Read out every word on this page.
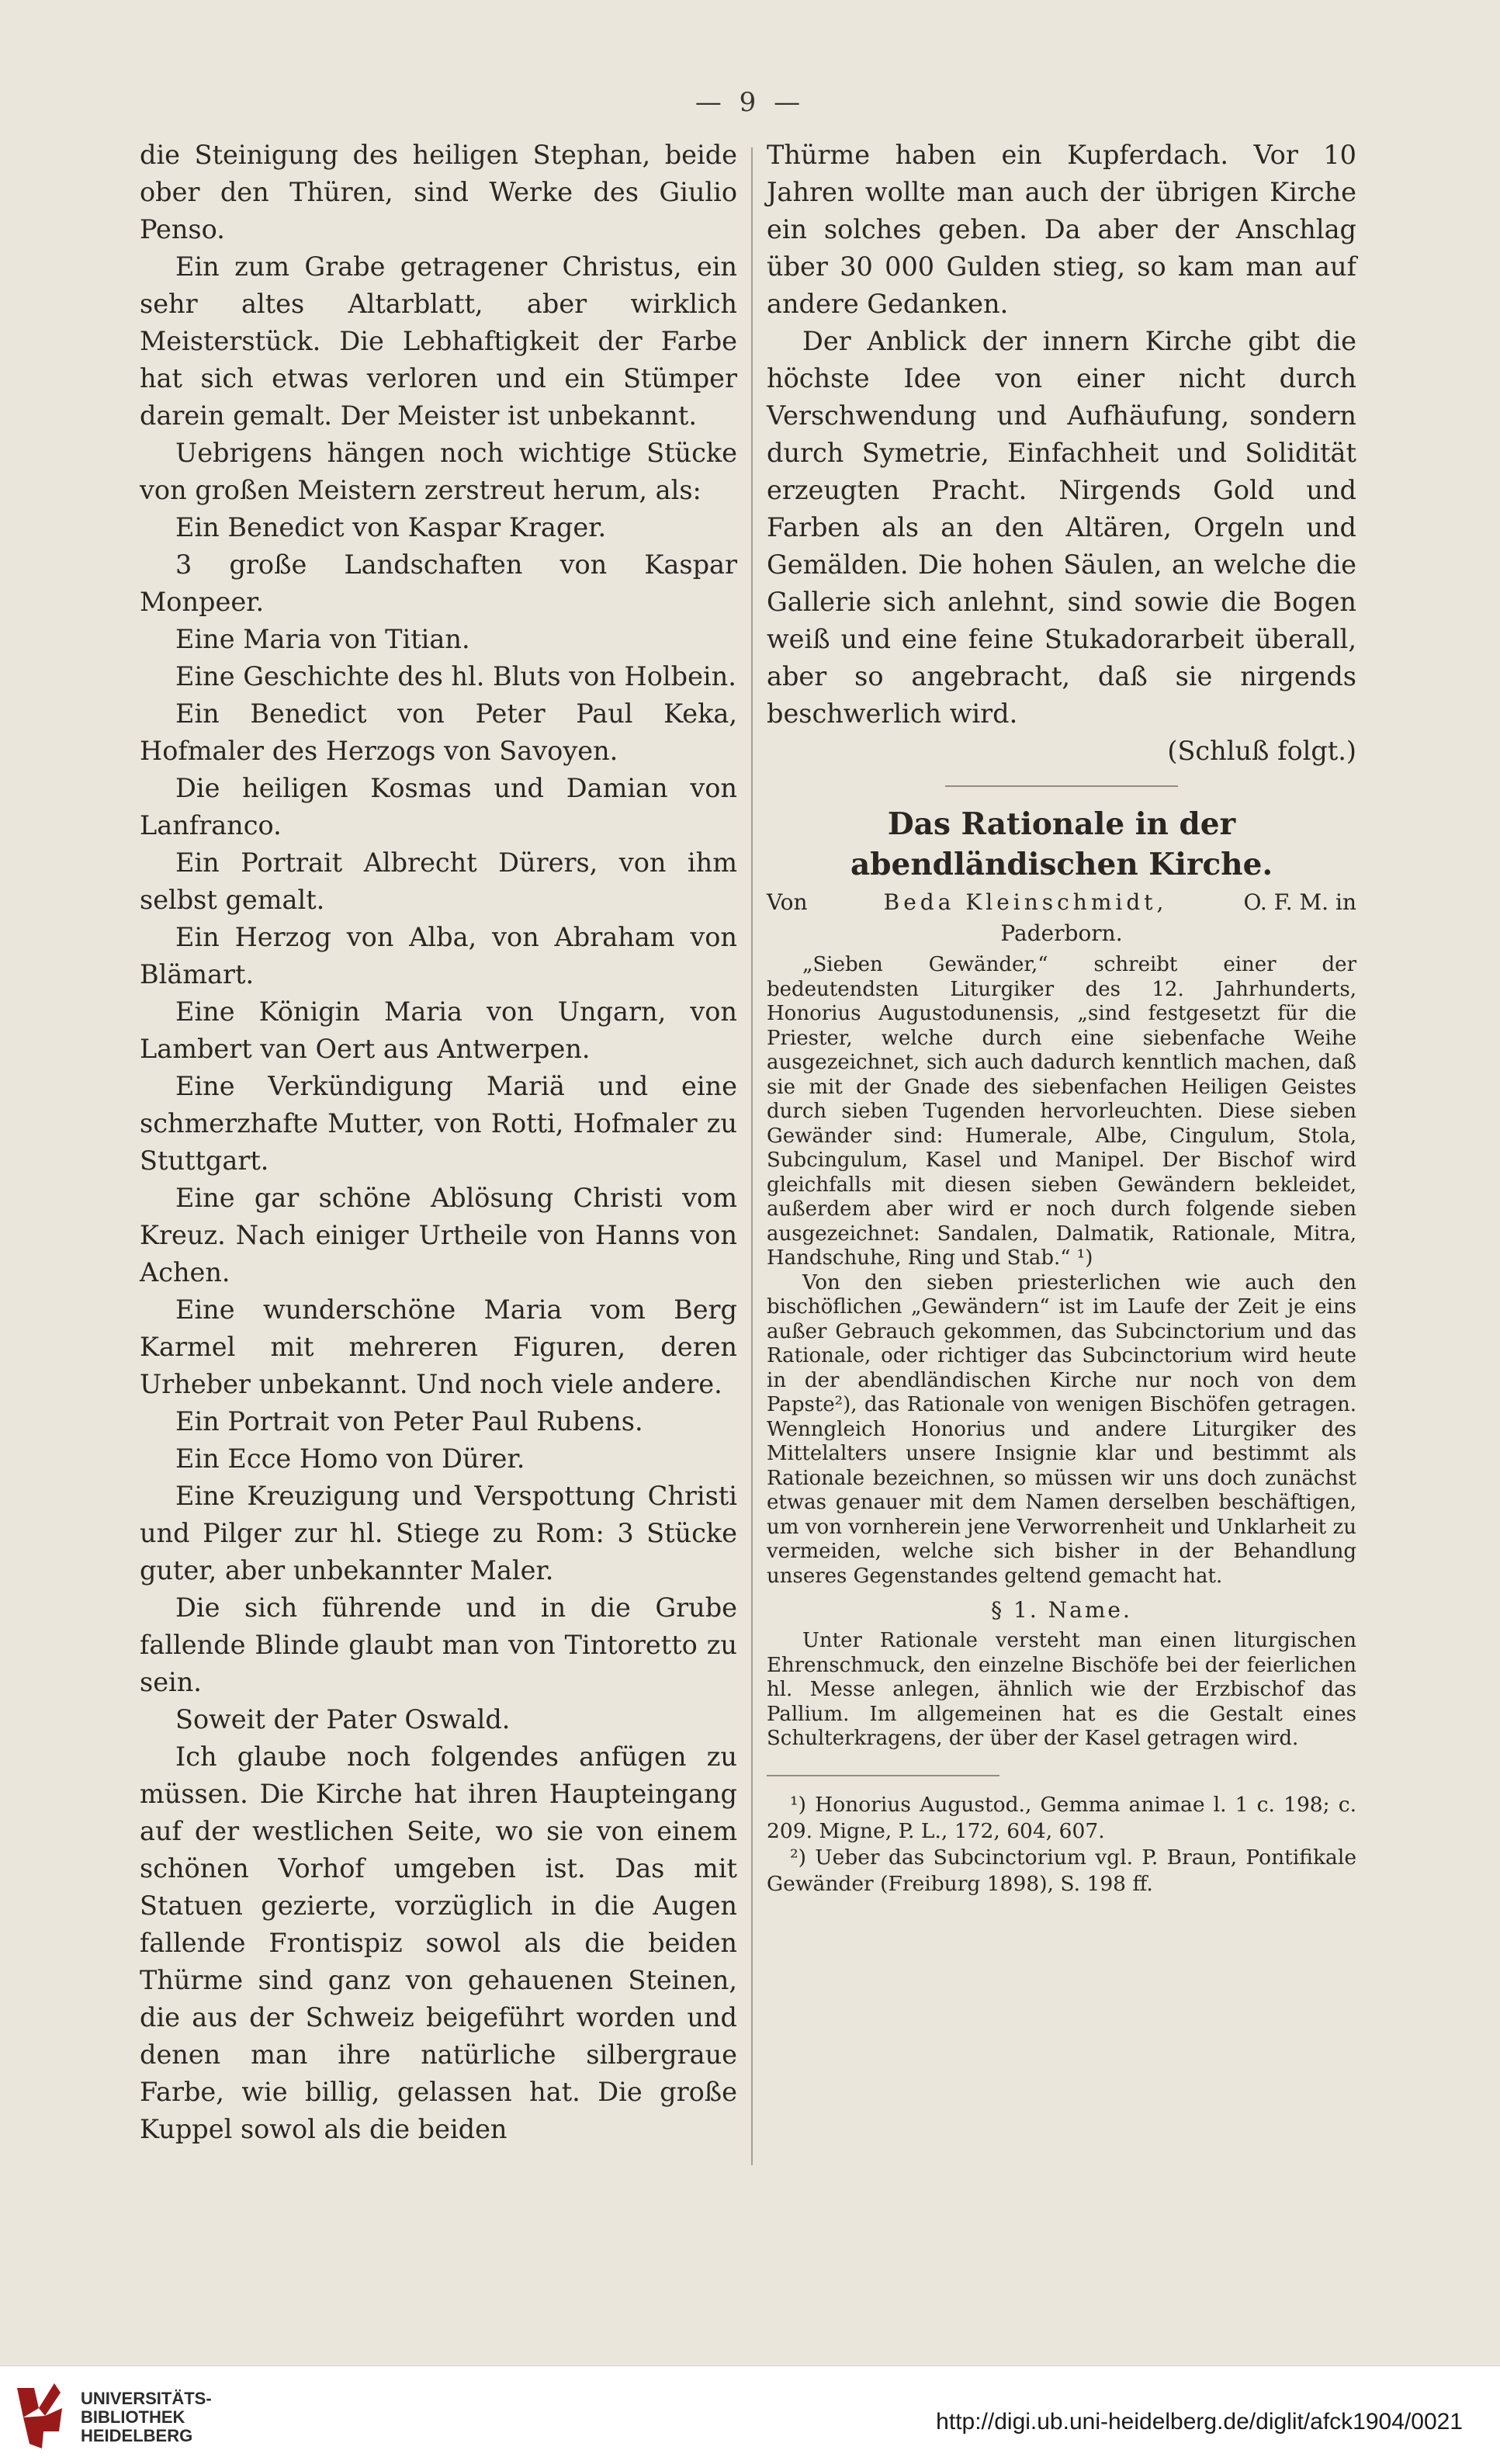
— 9 —

die Steinigung des heiligen Stephan, beide ober den Thüren, sind Werke des Giulio Penso.

Ein zum Grabe getragener Christus, ein sehr altes Altarblatt, aber wirklich Meisterstück. Die Lebhaftigkeit der Farbe hat sich etwas verloren und ein Stümper darein gemalt. Der Meister ist unbekannt.

Uebrigens hängen noch wichtige Stücke von großen Meistern zerstreut herum, als:

Ein Benedict von Kaspar Krager.

3 große Landschaften von Kaspar Monpeer.

Eine Maria von Titian.

Eine Geschichte des hl. Bluts von Holbein.

Ein Benedict von Peter Paul Keka, Hofmaler des Herzogs von Savoyen.

Die heiligen Kosmas und Damian von Lanfranco.

Ein Portrait Albrecht Dürers, von ihm selbst gemalt.

Ein Herzog von Alba, von Abraham von Blämart.

Eine Königin Maria von Ungarn, von Lambert van Oert aus Antwerpen.

Eine Verkündigung Mariä und eine schmerzhafte Mutter, von Rotti, Hofmaler zu Stuttgart.

Eine gar schöne Ablösung Christi vom Kreuz. Nach einiger Urtheile von Hanns von Achen.

Eine wunderschöne Maria vom Berg Karmel mit mehreren Figuren, deren Urheber unbekannt. Und noch viele andere.

Ein Portrait von Peter Paul Rubens.

Ein Ecce Homo von Dürer.

Eine Kreuzigung und Verspottung Christi und Pilger zur hl. Stiege zu Rom: 3 Stücke guter, aber unbekannter Maler.

Die sich führende und in die Grube fallende Blinde glaubt man von Tintoretto zu sein.

Soweit der Pater Oswald.

Ich glaube noch folgendes anfügen zu müssen. Die Kirche hat ihren Haupteingang auf der westlichen Seite, wo sie von einem schönen Vorhof umgeben ist. Das mit Statuen gezierte, vorzüglich in die Augen fallende Frontispiz sowol als die beiden Thürme sind ganz von gehauenen Steinen, die aus der Schweiz beigeführt worden und denen man ihre natürliche silbergraue Farbe, wie billig, gelassen hat. Die große Kuppel sowol als die beiden

Thürme haben ein Kupferdach. Vor 10 Jahren wollte man auch der übrigen Kirche ein solches geben. Da aber der Anschlag über 30 000 Gulden stieg, so kam man auf andere Gedanken.

Der Anblick der innern Kirche gibt die höchste Idee von einer nicht durch Verschwendung und Aufhäufung, sondern durch Symetrie, Einfachheit und Solidität erzeugten Pracht. Nirgends Gold und Farben als an den Altären, Orgeln und Gemälden. Die hohen Säulen, an welche die Gallerie sich anlehnt, sind sowie die Bogen weiß und eine feine Stukadorarbeit überall, aber so angebracht, daß sie nirgends beschwerlich wird.

(Schluß folgt.)

Das Rationale in der abendländischen Kirche.
Von	Beda Kleinschmidt,	O. F. M. in
Paderborn.

„Sieben Gewänder,“ schreibt einer der bedeutendsten Liturgiker des 12. Jahrhunderts, Honorius Augustodunensis, „sind festgesetzt für die Priester, welche durch eine siebenfache Weihe ausgezeichnet, sich auch dadurch kenntlich machen, daß sie mit der Gnade des siebenfachen Heiligen Geistes durch sieben Tugenden hervorleuchten. Diese sieben Gewänder sind: Humerale, Albe, Cingulum, Stola, Subcingulum, Kasel und Manipel. Der Bischof wird gleichfalls mit diesen sieben Gewändern bekleidet, außerdem aber wird er noch durch folgende sieben ausgezeichnet: Sandalen, Dalmatik, Rationale, Mitra, Handschuhe, Ring und Stab.“ ¹)

Von den sieben priesterlichen wie auch den bischöflichen „Gewändern“ ist im Laufe der Zeit je eins außer Gebrauch gekommen, das Subcinctorium und das Rationale, oder richtiger das Subcinctorium wird heute in der abendländischen Kirche nur noch von dem Papste²), das Rationale von wenigen Bischöfen getragen. Wenngleich Honorius und andere Liturgiker des Mittelalters unsere Insignie klar und bestimmt als Rationale bezeichnen, so müssen wir uns doch zunächst etwas genauer mit dem Namen derselben beschäftigen, um von vornherein jene Verworrenheit und Unklarheit zu vermeiden, welche sich bisher in der Behandlung unseres Gegenstandes geltend gemacht hat.

§ 1. Name.

Unter Rationale versteht man einen liturgischen Ehrenschmuck, den einzelne Bischöfe bei der feierlichen hl. Messe anlegen, ähnlich wie der Erzbischof das Pallium. Im allgemeinen hat es die Gestalt eines Schulterkragens, der über der Kasel getragen wird.

¹) Honorius Augustod., Gemma animae l. 1 c. 198; c. 209. Migne, P. L., 172, 604, 607.

²) Ueber das Subcinctorium vgl. P. Braun, Pontifikale Gewänder (Freiburg 1898), S. 198 ff.

UNIVERSITÄTS-
BIBLIOTHEK
HEIDELBERG
http://digi.ub.uni-heidelberg.de/diglit/afck1904/0021
